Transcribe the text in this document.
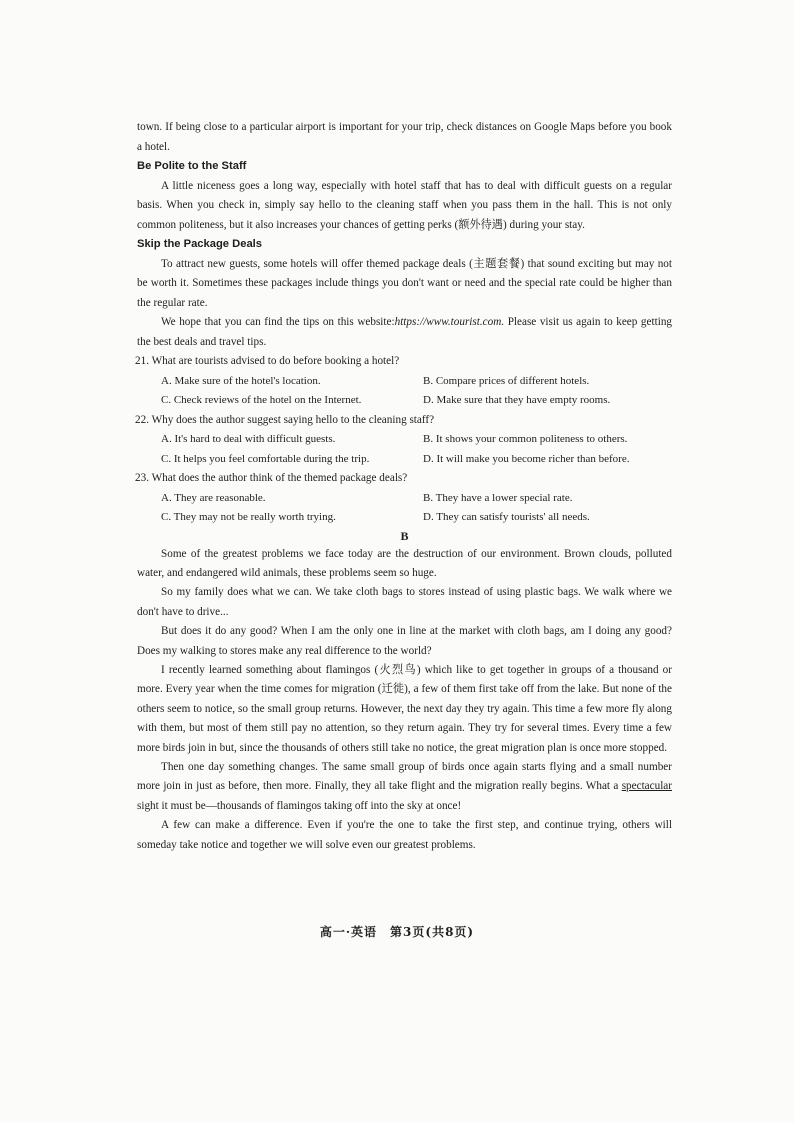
town. If being close to a particular airport is important for your trip, check distances on Google Maps before you book a hotel.

Be Polite to the Staff

A little niceness goes a long way, especially with hotel staff that has to deal with difficult guests on a regular basis. When you check in, simply say hello to the cleaning staff when you pass them in the hall. This is not only common politeness, but it also increases your chances of getting perks (额外待遇) during your stay.

Skip the Package Deals

To attract new guests, some hotels will offer themed package deals (主题套餐) that sound exciting but may not be worth it. Sometimes these packages include things you don't want or need and the special rate could be higher than the regular rate.

We hope that you can find the tips on this website:https://www.tourist.com. Please visit us again to keep getting the best deals and travel tips.

21. What are tourists advised to do before booking a hotel?
A. Make sure of the hotel's location.	B. Compare prices of different hotels.
C. Check reviews of the hotel on the Internet.	D. Make sure that they have empty rooms.
22. Why does the author suggest saying hello to the cleaning staff?
A. It's hard to deal with difficult guests.	B. It shows your common politeness to others.
C. It helps you feel comfortable during the trip.	D. It will make you become richer than before.
23. What does the author think of the themed package deals?
A. They are reasonable.	B. They have a lower special rate.
C. They may not be really worth trying.	D. They can satisfy tourists' all needs.
B

Some of the greatest problems we face today are the destruction of our environment. Brown clouds, polluted water, and endangered wild animals, these problems seem so huge.

So my family does what we can. We take cloth bags to stores instead of using plastic bags. We walk where we don't have to drive...

But does it do any good? When I am the only one in line at the market with cloth bags, am I doing any good? Does my walking to stores make any real difference to the world?

I recently learned something about flamingos (火烈鸟) which like to get together in groups of a thousand or more. Every year when the time comes for migration (迁徙), a few of them first take off from the lake. But none of the others seem to notice, so the small group returns. However, the next day they try again. This time a few more fly along with them, but most of them still pay no attention, so they return again. They try for several times. Every time a few more birds join in but, since the thousands of others still take no notice, the great migration plan is once more stopped.

Then one day something changes. The same small group of birds once again starts flying and a small number more join in just as before, then more. Finally, they all take flight and the migration really begins. What a spectacular sight it must be—thousands of flamingos taking off into the sky at once!

A few can make a difference. Even if you're the one to take the first step, and continue trying, others will someday take notice and together we will solve even our greatest problems.

高一·英语　第3页(共8页)
